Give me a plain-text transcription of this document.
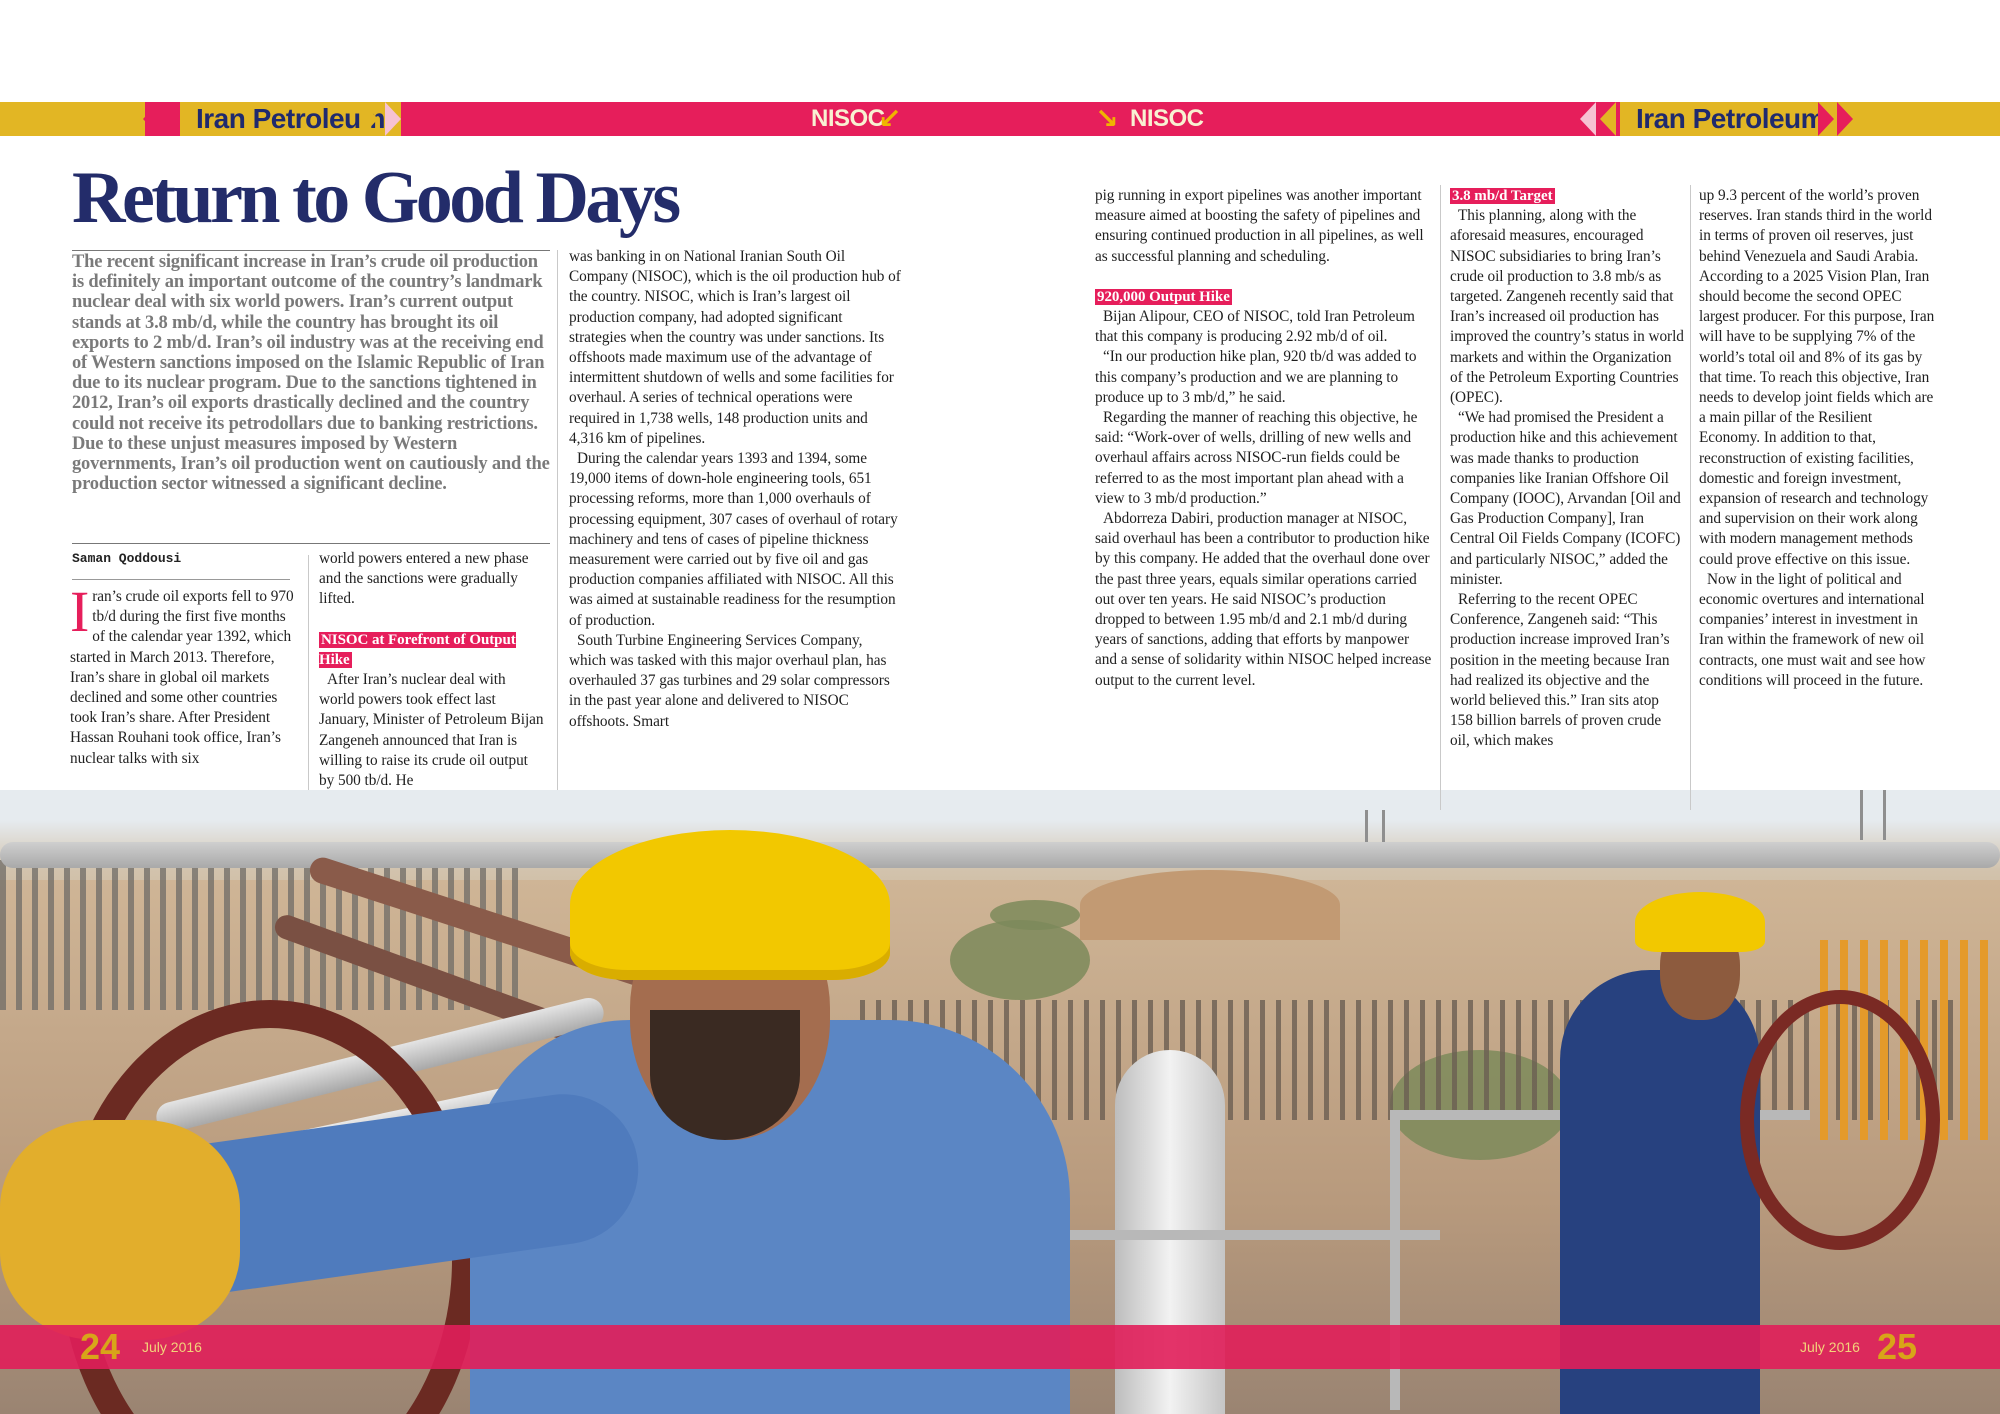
Iran Petroleum	NISOC
↙	↘ NISOC	Iran Petroleum
Return to Good Days

The recent significant increase in Iran’s crude oil production is definitely an important outcome of the country’s landmark nuclear deal with six world powers. Iran’s current output stands at 3.8 mb/d, while the country has brought its oil exports to 2 mb/d. Iran’s oil industry was at the receiving end of Western sanctions imposed on the Islamic Republic of Iran due to its nuclear program. Due to the sanctions tightened in 2012, Iran’s oil exports drastically declined and the country could not receive its petrodollars due to banking restrictions. Due to these unjust measures imposed by Western governments, Iran’s oil production went on cautiously and the production sector witnessed a significant decline.

Saman Qoddousi

Iran’s crude oil exports fell to 970 tb/d during the first five months of the calendar year 1392, which started in March 2013. Therefore, Iran’s share in global oil markets declined and some other countries took Iran’s share. After President Hassan Rouhani took office, Iran’s nuclear talks with six

world powers entered a new phase and the sanctions were gradually lifted.

NISOC at Forefront of Output Hike

After Iran’s nuclear deal with world powers took effect last January, Minister of Petroleum Bijan Zangeneh announced that Iran is willing to raise its crude oil output by 500 tb/d. He

was banking in on National Iranian South Oil Company (NISOC), which is the oil production hub of the country. NISOC, which is Iran’s largest oil production company, had adopted significant strategies when the country was under sanctions. Its offshoots made maximum use of the advantage of intermittent shutdown of wells and some facilities for overhaul. A series of technical operations were required in 1,738 wells, 148 production units and 4,316 km of pipelines.

During the calendar years 1393 and 1394, some 19,000 items of down-hole engineering tools, 651 processing reforms, more than 1,000 overhauls of processing equipment, 307 cases of overhaul of rotary machinery and tens of cases of pipeline thickness measurement were carried out by five oil and gas production companies affiliated with NISOC. All this was aimed at sustainable readiness for the resumption of production.

South Turbine Engineering Services Company, which was tasked with this major overhaul plan, has overhauled 37 gas turbines and 29 solar compressors in the past year alone and delivered to NISOC offshoots. Smart

pig running in export pipelines was another important measure aimed at boosting the safety of pipelines and ensuring continued production in all pipelines, as well as successful planning and scheduling.

920,000 Output Hike

Bijan Alipour, CEO of NISOC, told Iran Petroleum that this company is producing 2.92 mb/d of oil.

“In our production hike plan, 920 tb/d was added to this company’s production and we are planning to produce up to 3 mb/d,” he said.

Regarding the manner of reaching this objective, he said: “Work-over of wells, drilling of new wells and overhaul affairs across NISOC-run fields could be referred to as the most important plan ahead with a view to 3 mb/d production.”

Abdorreza Dabiri, production manager at NISOC, said overhaul has been a contributor to production hike by this company. He added that the overhaul done over the past three years, equals similar operations carried out over ten years. He said NISOC’s production dropped to between 1.95 mb/d and 2.1 mb/d during years of sanctions, adding that efforts by manpower and a sense of solidarity within NISOC helped increase output to the current level.

3.8 mb/d Target

This planning, along with the aforesaid measures, encouraged NISOC subsidiaries to bring Iran’s crude oil production to 3.8 mb/s as targeted. Zangeneh recently said that Iran’s increased oil production has improved the country’s status in world markets and within the Organization of the Petroleum Exporting Countries (OPEC).

“We had promised the President a production hike and this achievement was made thanks to production companies like Iranian Offshore Oil Company (IOOC), Arvandan [Oil and Gas Production Company], Iran Central Oil Fields Company (ICOFC) and particularly NISOC,” added the minister.

Referring to the recent OPEC Conference, Zangeneh said: “This production increase improved Iran’s position in the meeting because Iran had realized its objective and the world believed this.” Iran sits atop 158 billion barrels of proven crude oil, which makes

up 9.3 percent of the world’s proven reserves. Iran stands third in the world in terms of proven oil reserves, just behind Venezuela and Saudi Arabia. According to a 2025 Vision Plan, Iran should become the second OPEC largest producer. For this purpose, Iran will have to be supplying 7% of the world’s total oil and 8% of its gas by that time. To reach this objective, Iran needs to develop joint fields which are a main pillar of the Resilient Economy. In addition to that, reconstruction of existing facilities, domestic and foreign investment, expansion of research and technology and supervision on their work along with modern management methods could prove effective on this issue.

Now in the light of political and economic overtures and international companies’ interest in investment in Iran within the framework of new oil contracts, one must wait and see how conditions will proceed in the future.

24 July 2016	July 2016 25
